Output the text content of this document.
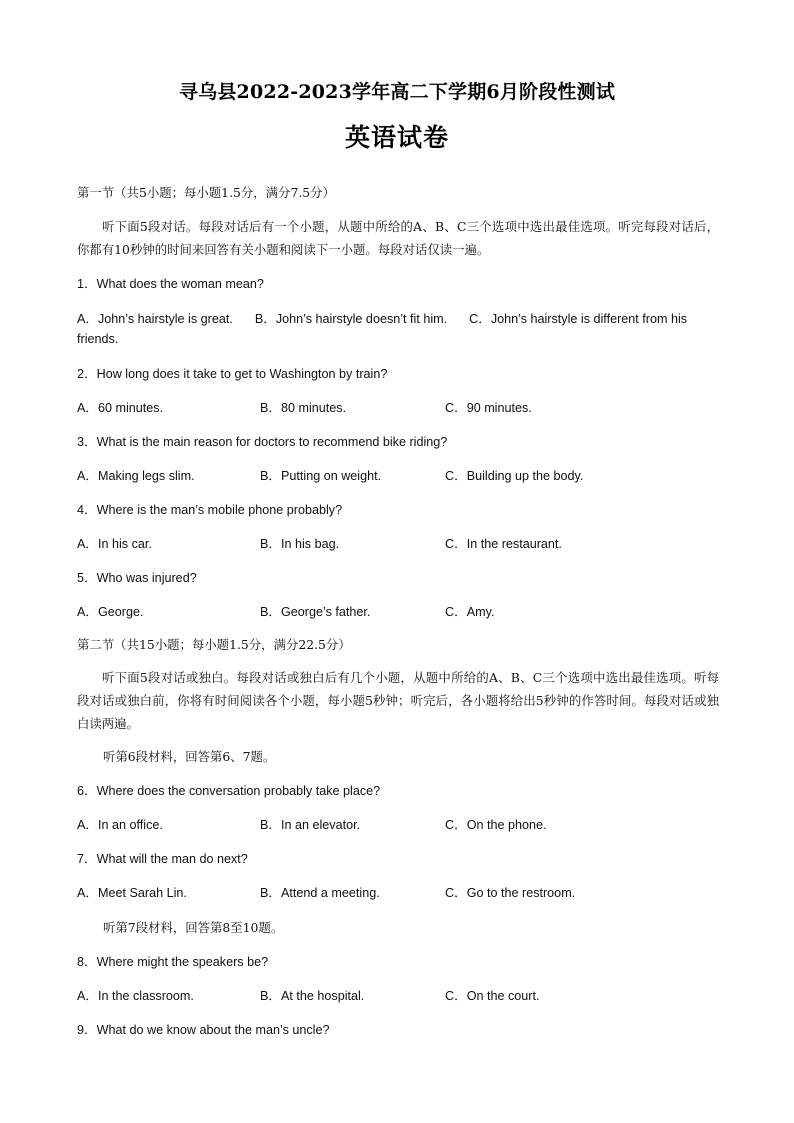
寻乌县2022-2023学年高二下学期6月阶段性测试
英语试卷
第一节（共5小题；每小题1.5分，满分7.5分）
听下面5段对话。每段对话后有一个小题，从题中所给的A、B、C三个选项中选出最佳选项。听完每段对话后，你都有10秒钟的时间来回答有关小题和阅读下一小题。每段对话仅读一遍。
1．What does the woman mean?
A．John’s hairstyle is great. B．John’s hairstyle doesn’t fit him. C．John’s hairstyle is different from his friends.
2．How long does it take to get to Washington by train?
A．60 minutes.	B．80 minutes.	C．90 minutes.
3．What is the main reason for doctors to recommend bike riding?
A．Making legs slim.	B．Putting on weight.	C．Building up the body.
4．Where is the man’s mobile phone probably?
A．In his car.	B．In his bag.	C．In the restaurant.
5．Who was injured?
A．George.	B．George’s father.	C．Amy.
第二节（共15小题；每小题1.5分，满分22.5分）
听下面5段对话或独白。每段对话或独白后有几个小题，从题中所给的A、B、C三个选项中选出最佳选项。听每段对话或独白前，你将有时间阅读各个小题，每小题5秒钟；听完后，各小题将给出5秒钟的作答时间。每段对话或独白读两遍。
听第6段材料，回答第6、7题。
6．Where does the conversation probably take place?
A．In an office.	B．In an elevator.	C．On the phone.
7．What will the man do next?
A．Meet Sarah Lin.	B．Attend a meeting.	C．Go to the restroom.
听第7段材料，回答第8至10题。
8．Where might the speakers be?
A．In the classroom.	B．At the hospital.	C．On the court.
9．What do we know about the man’s uncle?
